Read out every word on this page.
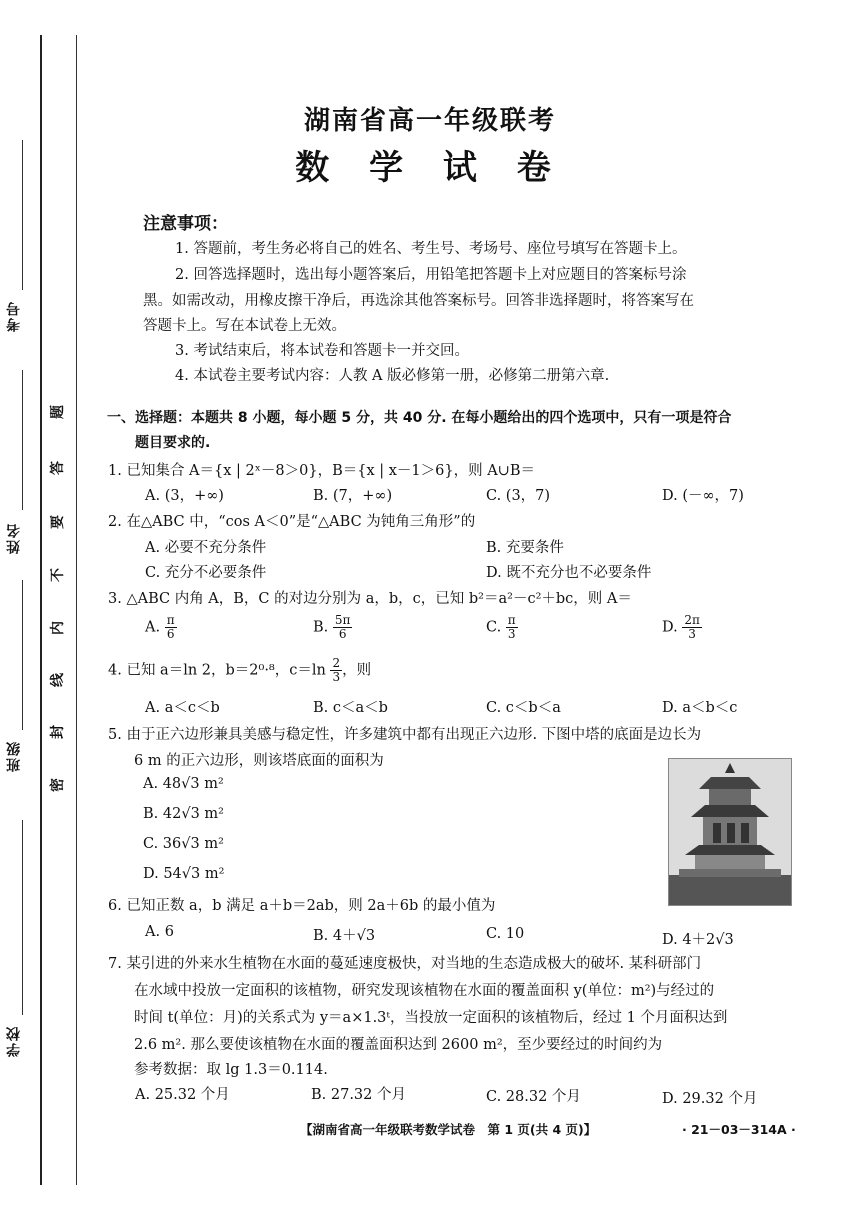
考号
姓名
班级
学校
题
答
要
不
内
线
封
密
湖南省高一年级联考
数 学 试 卷
注意事项：
1. 答题前，考生务必将自己的姓名、考生号、考场号、座位号填写在答题卡上。
2. 回答选择题时，选出每小题答案后，用铅笔把答题卡上对应题目的答案标号涂
黑。如需改动，用橡皮擦干净后，再选涂其他答案标号。回答非选择题时，将答案写在
答题卡上。写在本试卷上无效。
3. 考试结束后，将本试卷和答题卡一并交回。
4. 本试卷主要考试内容：人教 A 版必修第一册，必修第二册第六章.
一、选择题：本题共 8 小题，每小题 5 分，共 40 分. 在每小题给出的四个选项中，只有一项是符合
题目要求的.
1. 已知集合 A＝{x | 2ˣ－8＞0}，B＝{x | x－1＞6}，则 A∪B＝
A. (3，+∞)	B. (7，+∞)	C. (3，7)	D. (－∞，7)
2. 在△ABC 中，“cos A＜0”是“△ABC 为钝角三角形”的
A. 必要不充分条件	B. 充要条件
C. 充分不必要条件	D. 既不充分也不必要条件
3. △ABC 内角 A，B，C 的对边分别为 a，b，c，已知 b²＝a²－c²＋bc，则 A＝
A. $\frac{\pi}{6}$	B. $\frac{5\pi}{6}$	C. $\frac{\pi}{3}$	D. $\frac{2\pi}{3}$
4. 已知 a＝ln 2，b＝2⁰·⁸，$c=\ln \frac{2}{3}$ ，则
A. a＜c＜b	B. c＜a＜b	C. c＜b＜a	D. a＜b＜c
5. 由于正六边形兼具美感与稳定性，许多建筑中都有出现正六边形. 下图中塔的底面是边长为
6 m 的正六边形，则该塔底面的面积为
A. 48√3 m²
B. 42√3 m²
C. 36√3 m²
D. 54√3 m²
6. 已知正数 a，b 满足 a＋b＝2ab，则 2a＋6b 的最小值为
A. 6	B. 4＋√3	C. 10	D. 4＋2√3
7. 某引进的外来水生植物在水面的蔓延速度极快，对当地的生态造成极大的破坏. 某科研部门
在水域中投放一定面积的该植物，研究发现该植物在水面的覆盖面积 y(单位：m²)与经过的
时间 t(单位：月)的关系式为 y＝a×1.3ᵗ，当投放一定面积的该植物后，经过 1 个月面积达到
2.6 m². 那么要使该植物在水面的覆盖面积达到 2600 m²，至少要经过的时间约为
参考数据：取 lg 1.3＝0.114.
A. 25.32 个月	B. 27.32 个月	C. 28.32 个月	D. 29.32 个月
【湖南省高一年级联考数学试卷　第 1 页(共 4 页)】	· 21－03－314A ·
